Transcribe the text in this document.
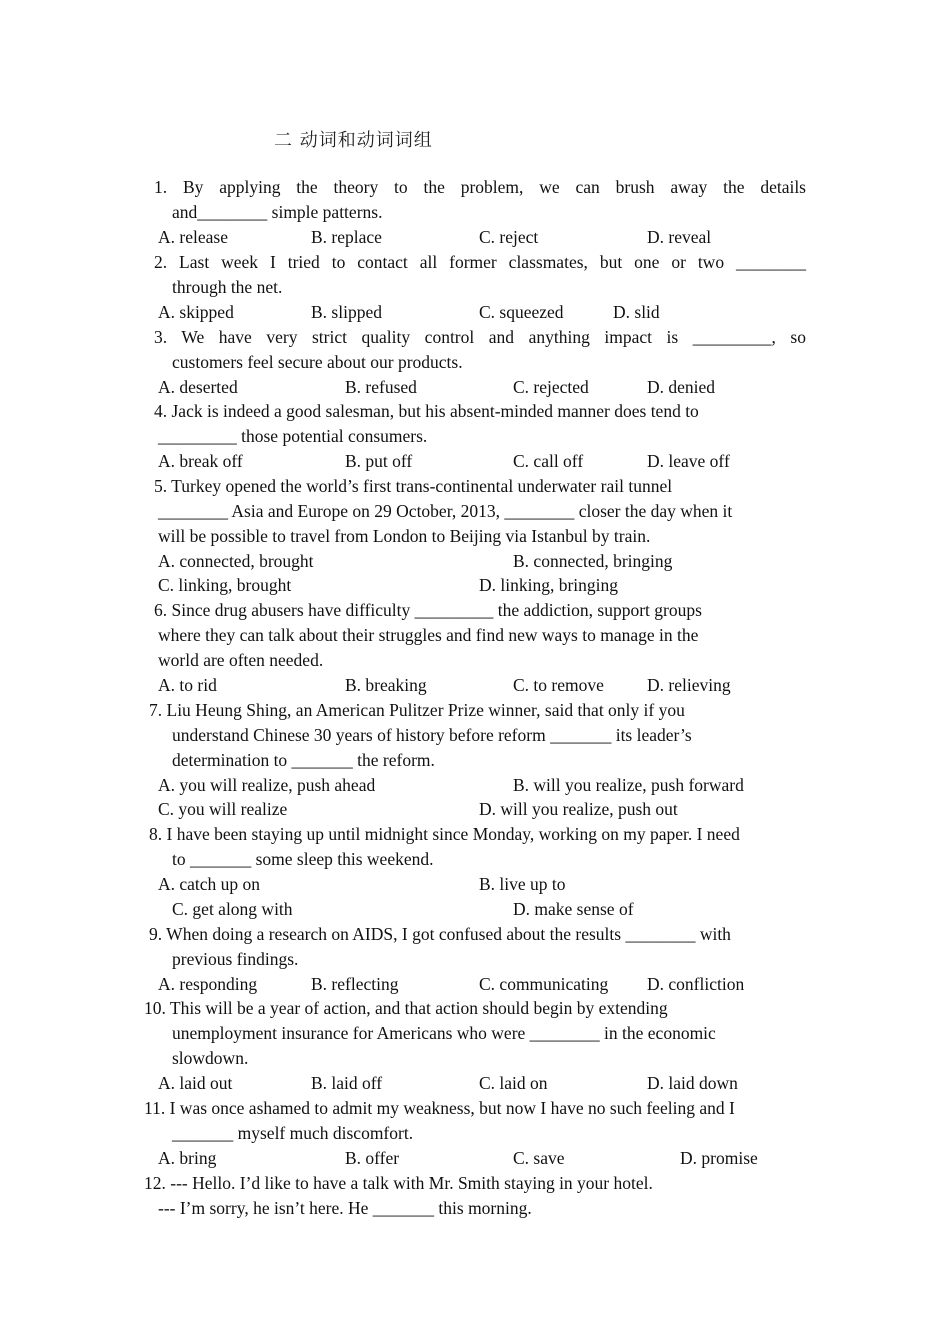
二 动词和动词词组
1. By applying the theory to the problem, we can brush away the details
and________ simple patterns.
A. release	B. replace	C. reject	D. reveal
2. Last week I tried to contact all former classmates, but one or two ________
through the net.
A. skipped	B. slipped	C. squeezed	D. slid
3. We have very strict quality control and anything impact is _________, so
customers feel secure about our products.
A. deserted	B. refused	C. rejected	D. denied
4. Jack is indeed a good salesman, but his absent-minded manner does tend to
_________ those potential consumers.
A. break off	B. put off	C. call off	D. leave off
5. Turkey opened the world’s first trans-continental underwater rail tunnel
________ Asia and Europe on 29 October, 2013, ________ closer the day when it
will be possible to travel from London to Beijing via Istanbul by train.
A. connected, brought	B. connected, bringing
C. linking, brought	D. linking, bringing
6. Since drug abusers have difficulty _________ the addiction, support groups
where they can talk about their struggles and find new ways to manage in the
world are often needed.
A. to rid	B. breaking	C. to remove D. relieving
7. Liu Heung Shing, an American Pulitzer Prize winner, said that only if you
understand Chinese 30 years of history before reform _______ its leader’s
determination to _______ the reform.
A. you will realize, push ahead	B. will you realize, push forward
C. you will realize	D. will you realize, push out
8. I have been staying up until midnight since Monday, working on my paper. I need
to _______ some sleep this weekend.
A. catch up on	B. live up to
C. get along with	D. make sense of
9. When doing a research on AIDS, I got confused about the results ________ with
previous findings.
A. responding	B. reflecting	C. communicating D. confliction
10. This will be a year of action, and that action should begin by extending
unemployment insurance for Americans who were ________ in the economic
slowdown.
A. laid out	B. laid off	C. laid on	D. laid down
11. I was once ashamed to admit my weakness, but now I have no such feeling and I
_______ myself much discomfort.
A. bring	B. offer	C. save	D. promise
12. --- Hello. I’d like to have a talk with Mr. Smith staying in your hotel.
--- I’m sorry, he isn’t here. He _______ this morning.
